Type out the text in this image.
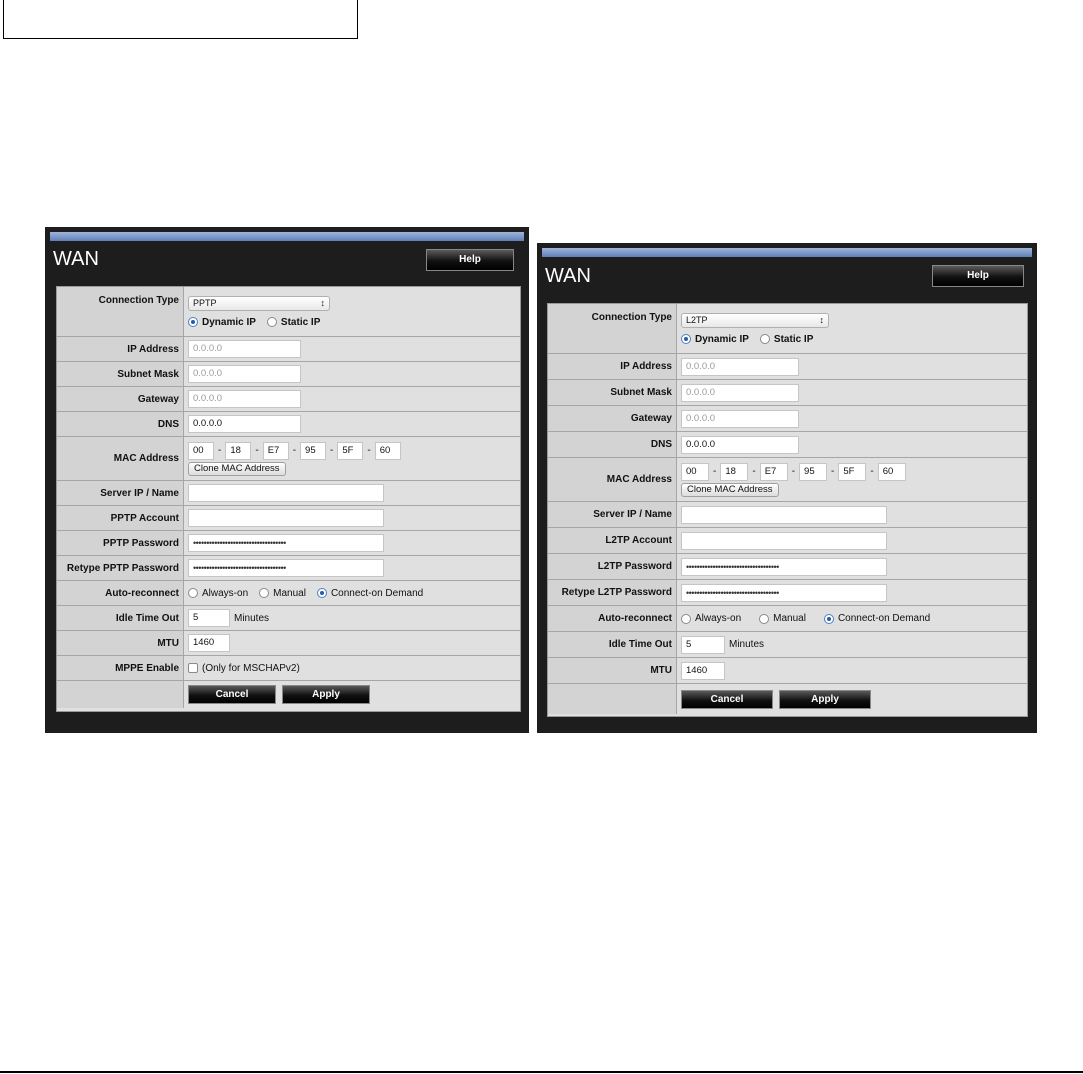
WAN	Help
Connection Type	PPTP	↕
Dynamic IP	Static IP
IP Address	0.0.0.0
Subnet Mask	0.0.0.0
Gateway	0.0.0.0
DNS	0.0.0.0
MAC Address
00	- 18	- E7	- 95	- 5F	- 60
Clone MAC Address
Server IP / Name
PPTP Account
PPTP Password	•••••••••••••••••••••••••••••••••••
Retype PPTP Password	•••••••••••••••••••••••••••••••••••
Auto-reconnect	Always-on	Manual	Connect-on Demand
Idle Time Out	5	Minutes
MTU	1460
MPPE Enable	(Only for MSCHAPv2)
Cancel	Apply
WAN	Help
Connection Type	L2TP	↕
Dynamic IP	Static IP
IP Address	0.0.0.0
Subnet Mask	0.0.0.0
Gateway	0.0.0.0
DNS	0.0.0.0
MAC Address
00	- 18	- E7	- 95	- 5F	- 60
Clone MAC Address
Server IP / Name
L2TP Account
L2TP Password	•••••••••••••••••••••••••••••••••••
Retype L2TP Password	•••••••••••••••••••••••••••••••••••
Auto-reconnect	Always-on	Manual	Connect-on Demand
Idle Time Out	5	Minutes
MTU	1460
Cancel	Apply
